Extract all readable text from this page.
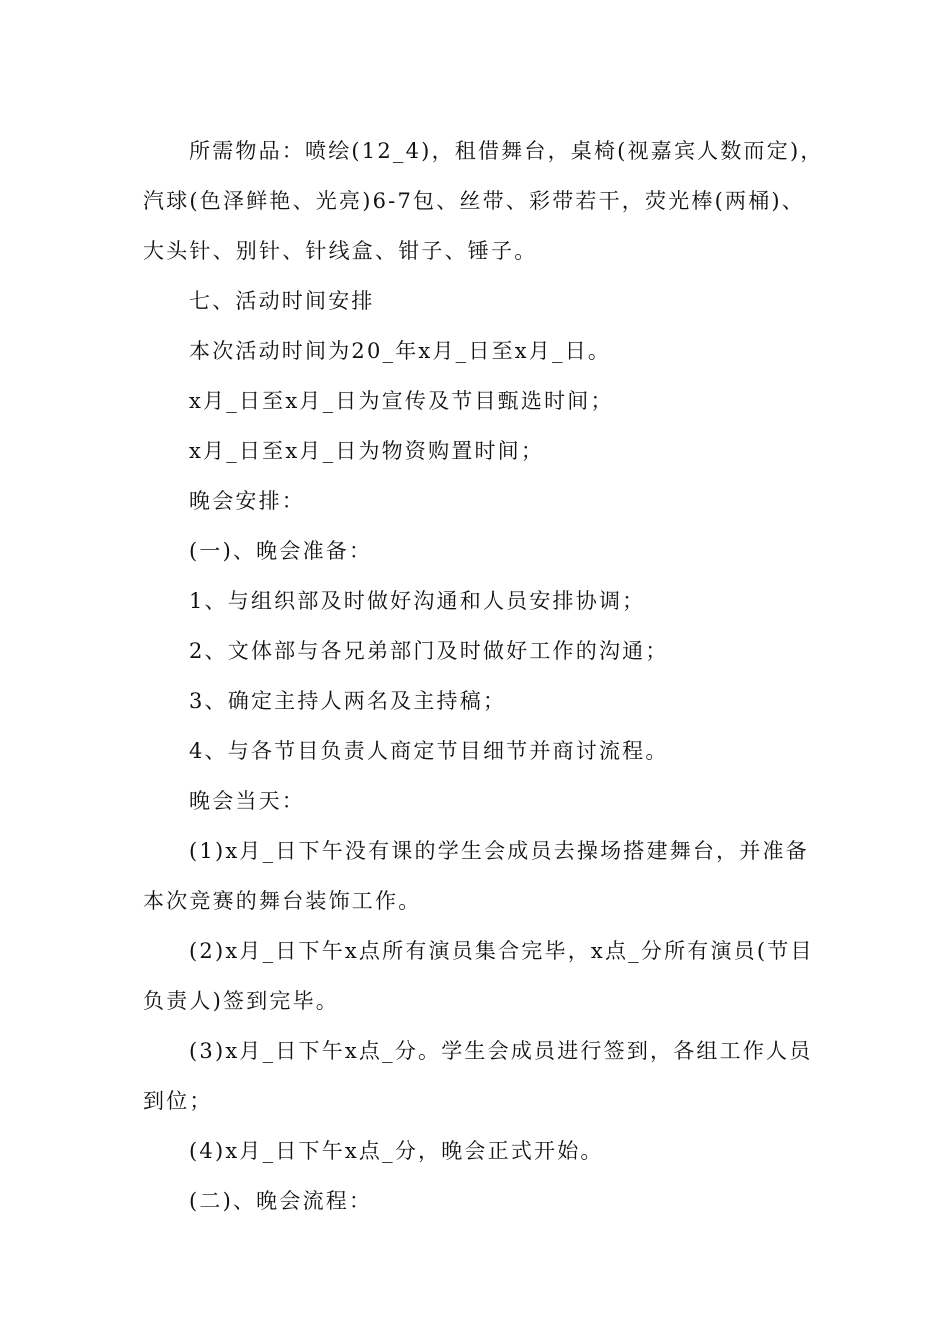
所需物品：喷绘(12_4)，租借舞台，桌椅(视嘉宾人数而定)，
汽球(色泽鲜艳、光亮)6-7包、丝带、彩带若干，荧光棒(两桶)、
大头针、别针、针线盒、钳子、锤子。
七、活动时间安排
本次活动时间为20_年x月_日至x月_日。
x月_日至x月_日为宣传及节目甄选时间；
x月_日至x月_日为物资购置时间；
晚会安排：
(一)、晚会准备：
1、与组织部及时做好沟通和人员安排协调；
2、文体部与各兄弟部门及时做好工作的沟通；
3、确定主持人两名及主持稿；
4、与各节目负责人商定节目细节并商讨流程。
晚会当天：
(1)x月_日下午没有课的学生会成员去操场搭建舞台，并准备
本次竞赛的舞台装饰工作。
(2)x月_日下午x点所有演员集合完毕，x点_分所有演员(节目
负责人)签到完毕。
(3)x月_日下午x点_分。学生会成员进行签到，各组工作人员
到位；
(4)x月_日下午x点_分，晚会正式开始。
(二)、晚会流程：
